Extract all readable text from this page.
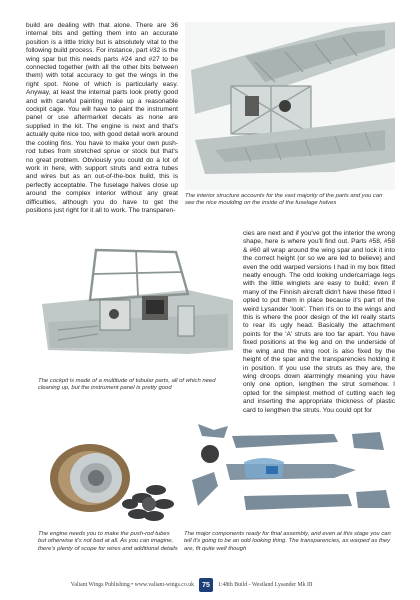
build are dealing with that alone. There are 36 internal bits and getting them into an accurate position is a little tricky but is absolutely vital to the following build process. For instance, part #32 is the wing spar but this needs parts #24 and #27 to be connected together (with all the other bits between them) with total accuracy to get the wings in the right spot. None of which is particularly easy. Anyway, at least the internal parts look pretty good and with careful painting make up a reasonable cockpit cage. You will have to paint the instrument panel or use aftermarket decals as none are supplied in the kit. The engine is next and that's actually quite nice too, with good detail work around the cooling fins. You have to make your own push-rod tubes from stretched sprue or stock but that's no great problem. Obviously you could do a lot of work in here, with support struts and extra tubes and wires but as an out-of-the-box build, this is perfectly acceptable. The fuselage halves close up around the complex interior without any great difficulties, although you do have to get the positions just right for it all to work. The transparen-

The interior structure accounts for the vast majority of the parts and you can see the nice moulding on the inside of the fuselage halves

cies are next and if you've got the interior the wrong shape, here is where you'll find out. Parts #58, #58 & #60 all wrap around the wing spar and lock it into the correct height (or so we are led to believe) and even the odd warped versions I had in my box fitted neatly enough. The odd looking undercarriage legs with the little winglets are easy to build; even if many of the Finnish aircraft didn't have these fitted I opted to put them in place because it's part of the weird Lysander 'look'. Then it's on to the wings and this is where the poor design of the kit really starts to rear its ugly head. Basically the attachment points for the 'A' struts are too far apart. You have fixed positions at the leg and on the underside of the wing and the wing root is also fixed by the height of the spar and the transparencies holding it in position. If you use the struts as they are, the wing droops down alarmingly meaning you have only one option, lengthen the strut somehow. I opted for the simplest method of cutting each leg and inserting the appropriate thickness of plastic card to lengthen the struts. You could opt for

The cockpit is made of a multitude of tubular parts, all of which need cleaning up, but the instrument panel is pretty good

The engine needs you to make the push-rod tubes but otherwise it's not bad at all. As you can imagine, there's plenty of scope for wires and additional details

The major components ready for final assembly, and even at this stage you can tell it's going to be an odd looking thing. The transparencies, as warped as they are, fit quite well though

Valiant Wings Publishing • www.valiant-wings.co.uk	75	1:48th Build - Westland Lysander Mk III
